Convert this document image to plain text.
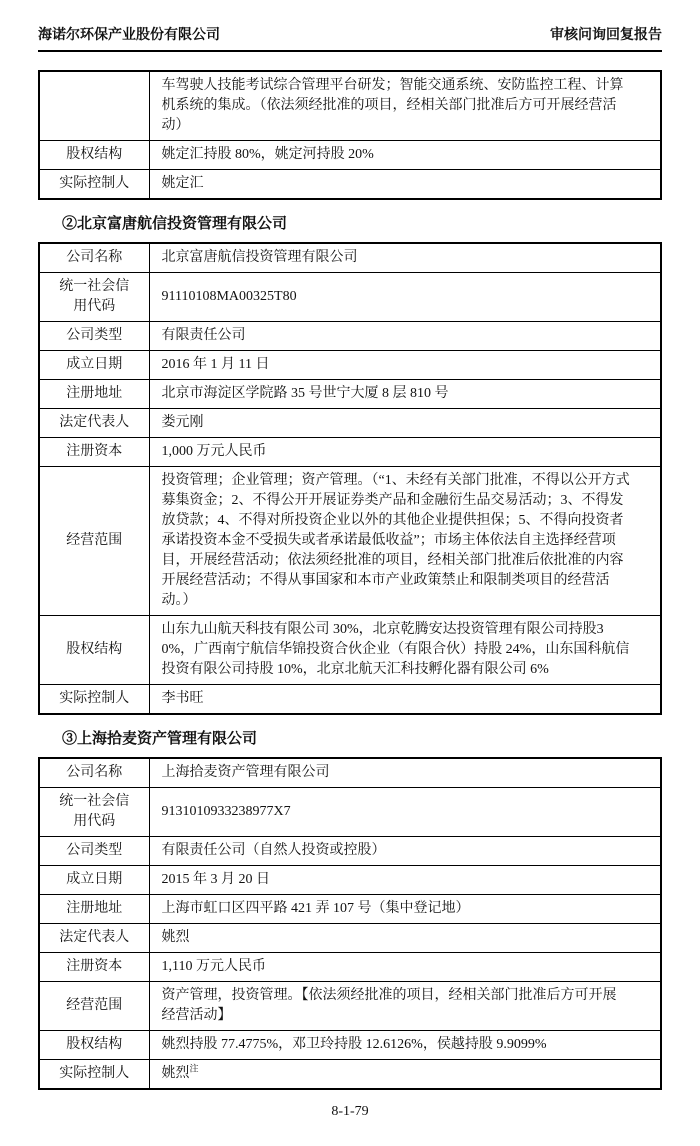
海诺尔环保产业股份有限公司	审核问询回复报告
	车驾驶人技能考试综合管理平台研发；智能交通系统、安防监控工程、计算机系统的集成。（依法须经批准的项目，经相关部门批准后方可开展经营活动）
股权结构	姚定汇持股 80%，姚定河持股 20%
实际控制人	姚定汇
②北京富唐航信投资管理有限公司
公司名称	北京富唐航信投资管理有限公司
统一社会信用代码	91110108MA00325T80
公司类型	有限责任公司
成立日期	2016 年 1 月 11 日
注册地址	北京市海淀区学院路 35 号世宁大厦 8 层 810 号
法定代表人	娄元刚
注册资本	1,000 万元人民币
经营范围	投资管理；企业管理；资产管理。（“1、未经有关部门批准，不得以公开方式募集资金；2、不得公开开展证券类产品和金融衍生品交易活动；3、不得发放贷款；4、不得对所投资企业以外的其他企业提供担保；5、不得向投资者承诺投资本金不受损失或者承诺最低收益”；市场主体依法自主选择经营项目，开展经营活动；依法须经批准的项目，经相关部门批准后依批准的内容开展经营活动；不得从事国家和本市产业政策禁止和限制类项目的经营活动。）
股权结构	山东九山航天科技有限公司 30%，北京乾腾安达投资管理有限公司持股30%，广西南宁航信华锦投资合伙企业（有限合伙）持股 24%，山东国科航信投资有限公司持股 10%，北京北航天汇科技孵化器有限公司 6%
实际控制人	李书旺
③上海拾麦资产管理有限公司
公司名称	上海拾麦资产管理有限公司
统一社会信用代码	9131010933238977X7
公司类型	有限责任公司（自然人投资或控股）
成立日期	2015 年 3 月 20 日
注册地址	上海市虹口区四平路 421 弄 107 号（集中登记地）
法定代表人	姚烈
注册资本	1,110 万元人民币
经营范围	资产管理，投资管理。【依法须经批准的项目，经相关部门批准后方可开展经营活动】
股权结构	姚烈持股 77.4775%，邓卫玲持股 12.6126%，侯越持股 9.9099%
实际控制人	姚烈$^注$
8-1-79
